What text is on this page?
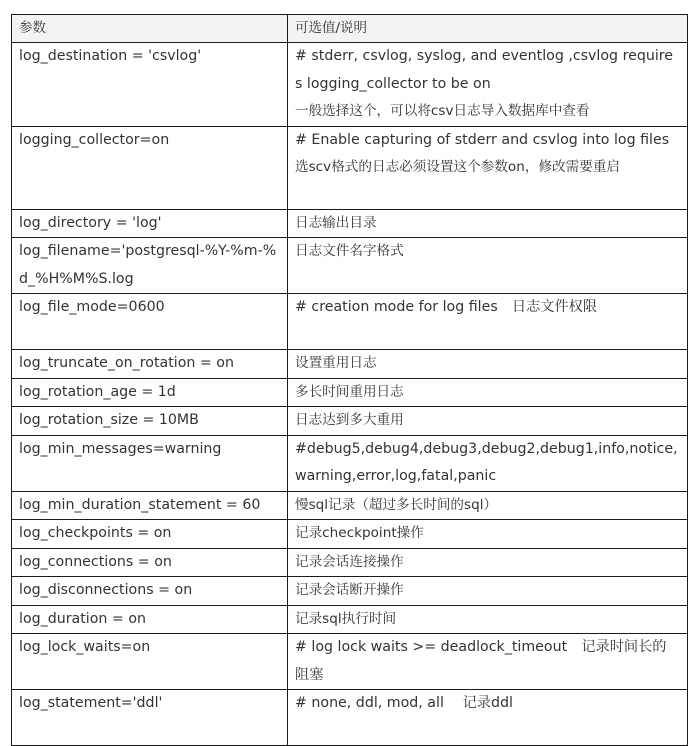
参数	可选值/说明
log_destination = 'csvlog'	# stderr, csvlog, syslog, and eventlog ,csvlog requires logging_collector to be on
一般选择这个，可以将csv日志导入数据库中查看

logging_collector=on	# Enable capturing of stderr and csvlog into log files
选scv格式的日志必须设置这个参数on，修改需要重启

log_directory = 'log'	日志输出目录

log_filename='postgresql-%Y-%m-%d_%H%M%S.log	日志文件名字格式

log_file_mode=0600	# creation mode for log files　日志文件权限

log_truncate_on_rotation = on	设置重用日志

log_rotation_age = 1d	多长时间重用日志

log_rotation_size = 10MB	日志达到多大重用

log_min_messages=warning	#debug5,debug4,debug3,debug2,debug1,info,notice,warning,error,log,fatal,panic

log_min_duration_statement = 60	慢sql记录（超过多长时间的sql）

log_checkpoints = on	记录checkpoint操作

log_connections = on	记录会话连接操作

log_disconnections = on	记录会话断开操作

log_duration = on	记录sql执行时间

log_lock_waits=on	# log lock waits >= deadlock_timeout　记录时间长的阻塞

log_statement='ddl'	# none, ddl, mod, all　 记录ddl
